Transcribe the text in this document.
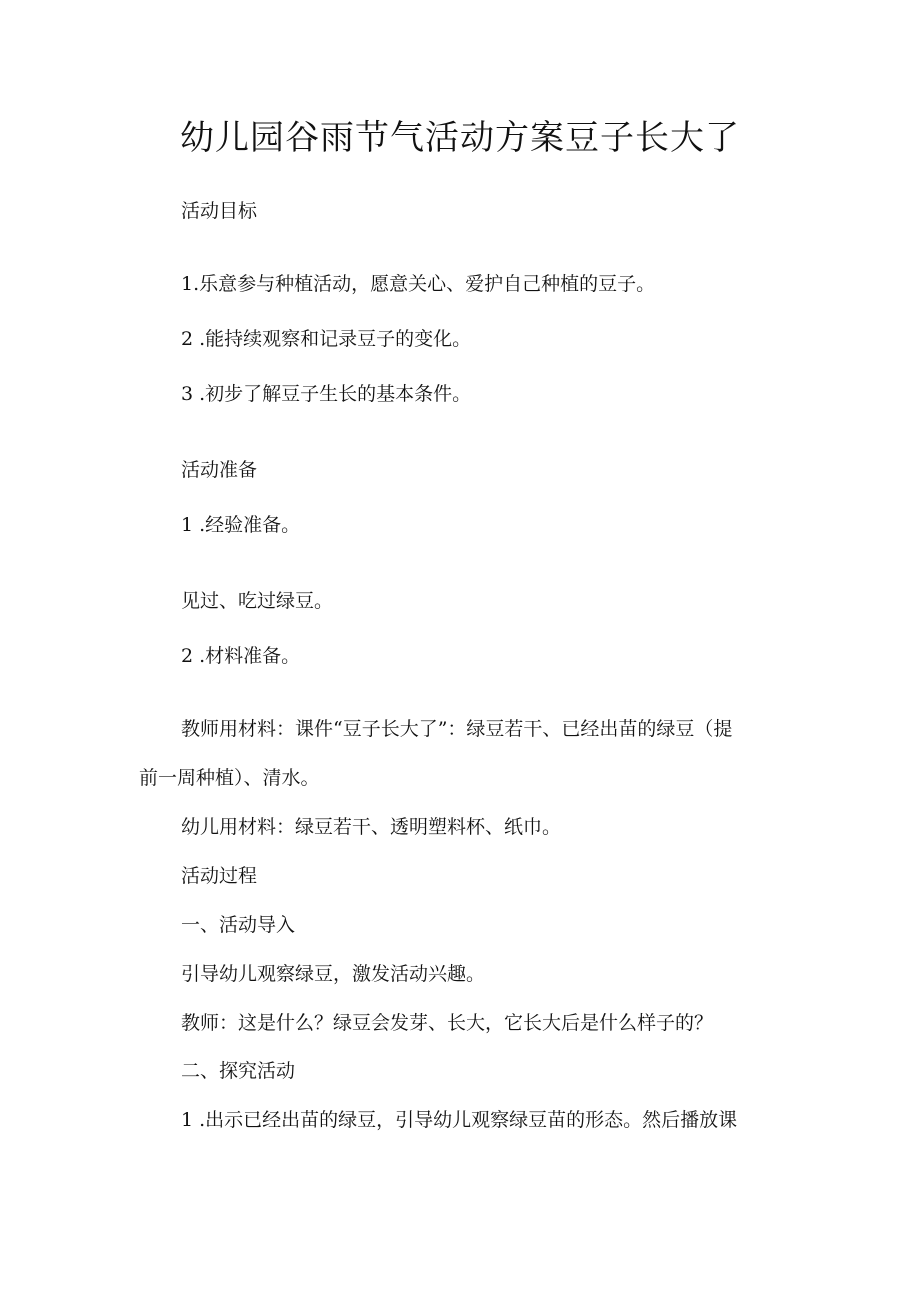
幼儿园谷雨节气活动方案豆子长大了

活动目标

1.乐意参与种植活动，愿意关心、爱护自己种植的豆子。

2 .能持续观察和记录豆子的变化。

3 .初步了解豆子生长的基本条件。

活动准备

1 .经验准备。

见过、吃过绿豆。

2 .材料准备。

教师用材料：课件“豆子长大了”：绿豆若干、已经出苗的绿豆（提

前一周种植）、清水。

幼儿用材料：绿豆若干、透明塑料杯、纸巾。

活动过程

一、活动导入

引导幼儿观察绿豆，激发活动兴趣。

教师：这是什么？绿豆会发芽、长大，它长大后是什么样子的？

二、探究活动

1 .出示已经出苗的绿豆，引导幼儿观察绿豆苗的形态。然后播放课
